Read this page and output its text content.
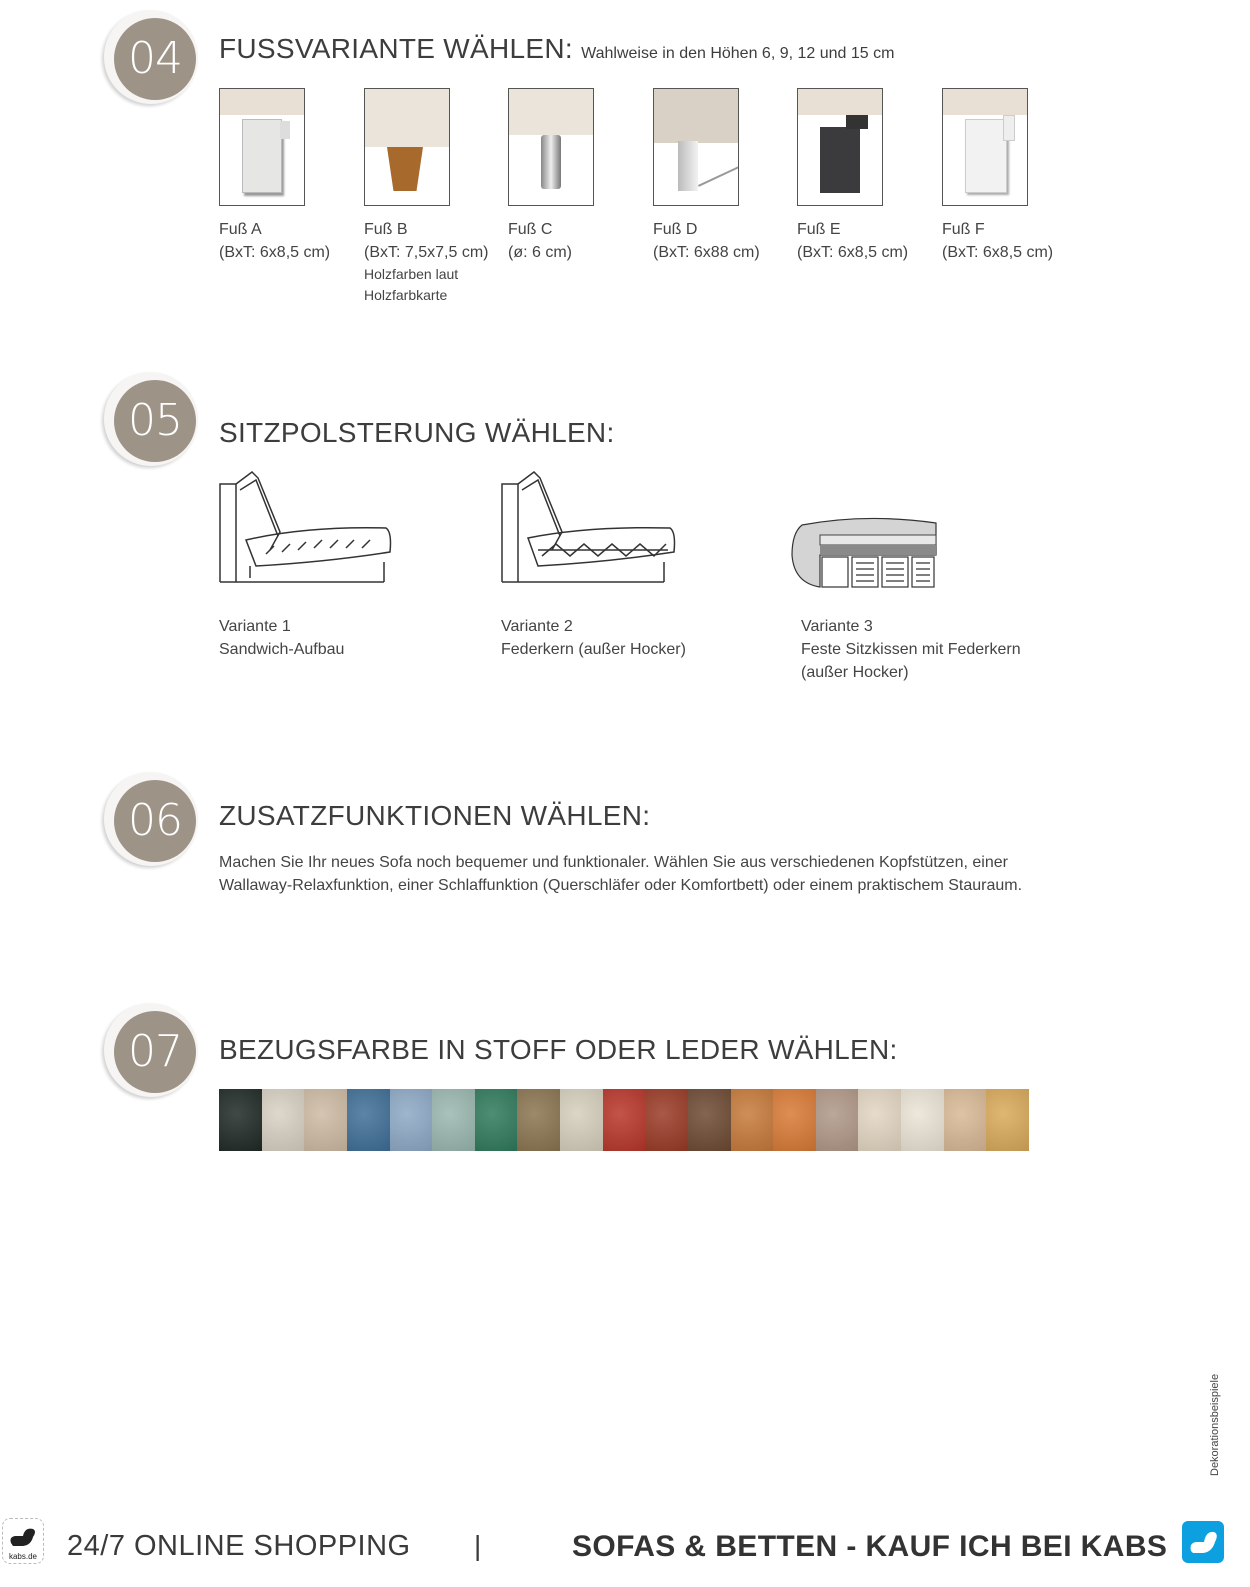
04	FUSSVARIANTE WÄHLEN: Wahlweise in den Höhen 6, 9, 12 und 15 cm
Fuß A
(BxT: 6x8,5 cm)
Fuß B
(BxT: 7,5x7,5 cm)
Holzfarben laut Holzfarbkarte
Fuß C
(ø: 6 cm)
Fuß D
(BxT: 6x88 cm)
Fuß E
(BxT: 6x8,5 cm)
Fuß F
(BxT: 6x8,5 cm)
05	SITZPOLSTERUNG WÄHLEN:
Variante 1
Sandwich-Aufbau
Variante 2
Federkern (außer Hocker)
Variante 3
Feste Sitzkissen mit Federkern
(außer Hocker)
06	ZUSATZFUNKTIONEN WÄHLEN:
Machen Sie Ihr neues Sofa noch bequemer und funktionaler. Wählen Sie aus verschiedenen Kopfstützen, einer Wallaway-Relaxfunktion, einer Schlaffunktion (Querschläfer oder Komfortbett) oder einem praktischem Stauraum.
07	BEZUGSFARBE IN STOFF ODER LEDER WÄHLEN:
Dekorationsbeispiele
kabs.de 24/7 ONLINE SHOPPING |	SOFAS & BETTEN - KAUF ICH BEI KABS
